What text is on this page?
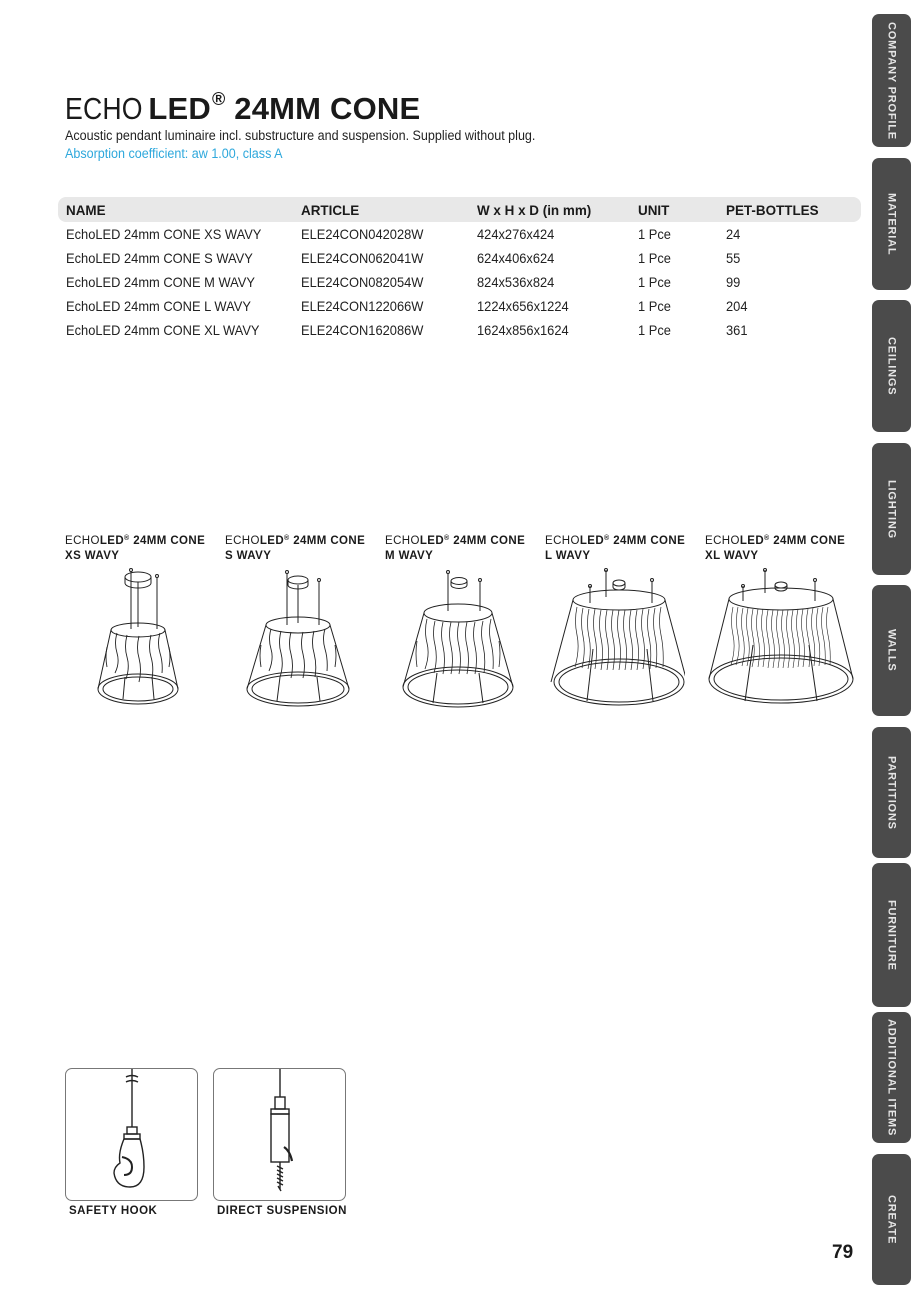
ECHO LED® 24MM CONE
Acoustic pendant luminaire incl. substructure and suspension. Supplied without plug.
Absorption coefficient: aw 1.00, class A
NAME	ARTICLE	W x H x D (in mm)	UNIT	PET-BOTTLES
EchoLED 24mm CONE XS WAVY	ELE24CON042028W	424x276x424	1 Pce	24
EchoLED 24mm CONE S WAVY	ELE24CON062041W	624x406x624	1 Pce	55
EchoLED 24mm CONE M WAVY	ELE24CON082054W	824x536x824	1 Pce	99
EchoLED 24mm CONE L WAVY	ELE24CON122066W	1224x656x1224	1 Pce	204
EchoLED 24mm CONE XL WAVY	ELE24CON162086W	1624x856x1624	1 Pce	361
ECHOLED® 24MM CONE
XS WAVY
ECHOLED® 24MM CONE
S WAVY
ECHOLED® 24MM CONE
M WAVY
ECHOLED® 24MM CONE
L WAVY
ECHOLED® 24MM CONE
XL WAVY
SAFETY HOOK	DIRECT SUSPENSION
79
COMPANY PROFILE
MATERIAL
CEILINGS
LIGHTING
WALLS
PARTITIONS
FURNITURE
ADDITIONAL ITEMS
CREATE
